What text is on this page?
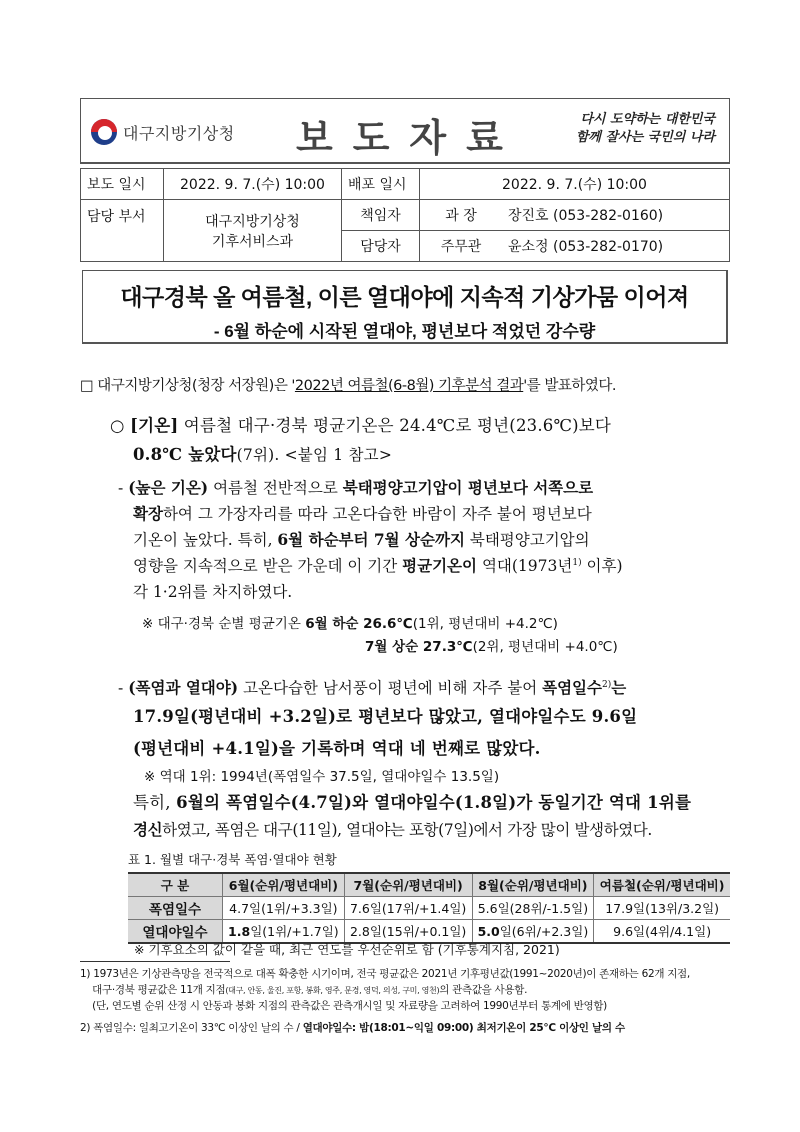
대구지방기상청 보도자료	다시 도약하는 대한민국
함께 잘사는 국민의 나라
보도 일시	2022. 9. 7.(수) 10:00	배포 일시	2022. 9. 7.(수) 10:00	
담당 부서	대구지방기상청
기후서비스과	책임자	과 장	장진호 (053-282-0160)
		담당자	주무관	윤소정 (053-282-0170)
대구경북 올 여름철, 이른 열대야에 지속적 기상가뭄 이어져
- 6월 하순에 시작된 열대야, 평년보다 적었던 강수량
□ 대구지방기상청(청장 서장원)은 '2022년 여름철(6-8월) 기후분석 결과'를 발표하였다.
○ [기온] 여름철 대구·경북 평균기온은 24.4℃로 평년(23.6℃)보다
0.8℃ 높았다(7위). <붙임 1 참고>
- (높은 기온) 여름철 전반적으로 북태평양고기압이 평년보다 서쪽으로
확장하여 그 가장자리를 따라 고온다습한 바람이 자주 불어 평년보다
기온이 높았다. 특히, 6월 하순부터 7월 상순까지 북태평양고기압의
영향을 지속적으로 받은 가운데 이 기간 평균기온이 역대(1973년$^{1)}$ 이후)
각 1·2위를 차지하였다.
※ 대구·경북 순별 평균기온 6월 하순 26.6℃(1위, 평년대비 +4.2℃)
7월 상순 27.3℃(2위, 평년대비 +4.0℃)
- (폭염과 열대야) 고온다습한 남서풍이 평년에 비해 자주 불어 폭염일수$^{2)}$는
17.9일(평년대비 +3.2일)로 평년보다 많았고, 열대야일수도 9.6일
(평년대비 +4.1일)을 기록하며 역대 네 번째로 많았다.
※ 역대 1위: 1994년(폭염일수 37.5일, 열대야일수 13.5일)
특히, 6월의 폭염일수(4.7일)와 열대야일수(1.8일)가 동일기간 역대 1위를
경신하였고, 폭염은 대구(11일), 열대야는 포항(7일)에서 가장 많이 발생하였다.
표 1. 월별 대구·경북 폭염·열대야 현황
구 분	6월(순위/평년대비)	7월(순위/평년대비)	8월(순위/평년대비)	여름철(순위/평년대비)
폭염일수	4.7일(1위/+3.3일)	7.6일(17위/+1.4일)	5.6일(28위/-1.5일)	17.9일(13위/3.2일)
열대야일수	1.8일(1위/+1.7일)	2.8일(15위/+0.1일)	5.0일(6위/+2.3일)	9.6일(4위/4.1일)
※ 기후요소의 값이 같을 때, 최근 연도를 우선순위로 함 (기후통계지침, 2021)
1) 1973년은 기상관측망을 전국적으로 대폭 확충한 시기이며, 전국 평균값은 2021년 기후평년값(1991~2020년)이 존재하는 62개 지점,
대구·경북 평균값은 11개 지점(대구, 안동, 울진, 포항, 봉화, 영주, 문경, 영덕, 의성, 구미, 영천)의 관측값을 사용함.
(단, 연도별 순위 산정 시 안동과 봉화 지점의 관측값은 관측개시일 및 자료량을 고려하여 1990년부터 통계에 반영함)
2) 폭염일수: 일최고기온이 33℃ 이상인 날의 수 / 열대야일수: 밤(18:01~익일 09:00) 최저기온이 25℃ 이상인 날의 수
